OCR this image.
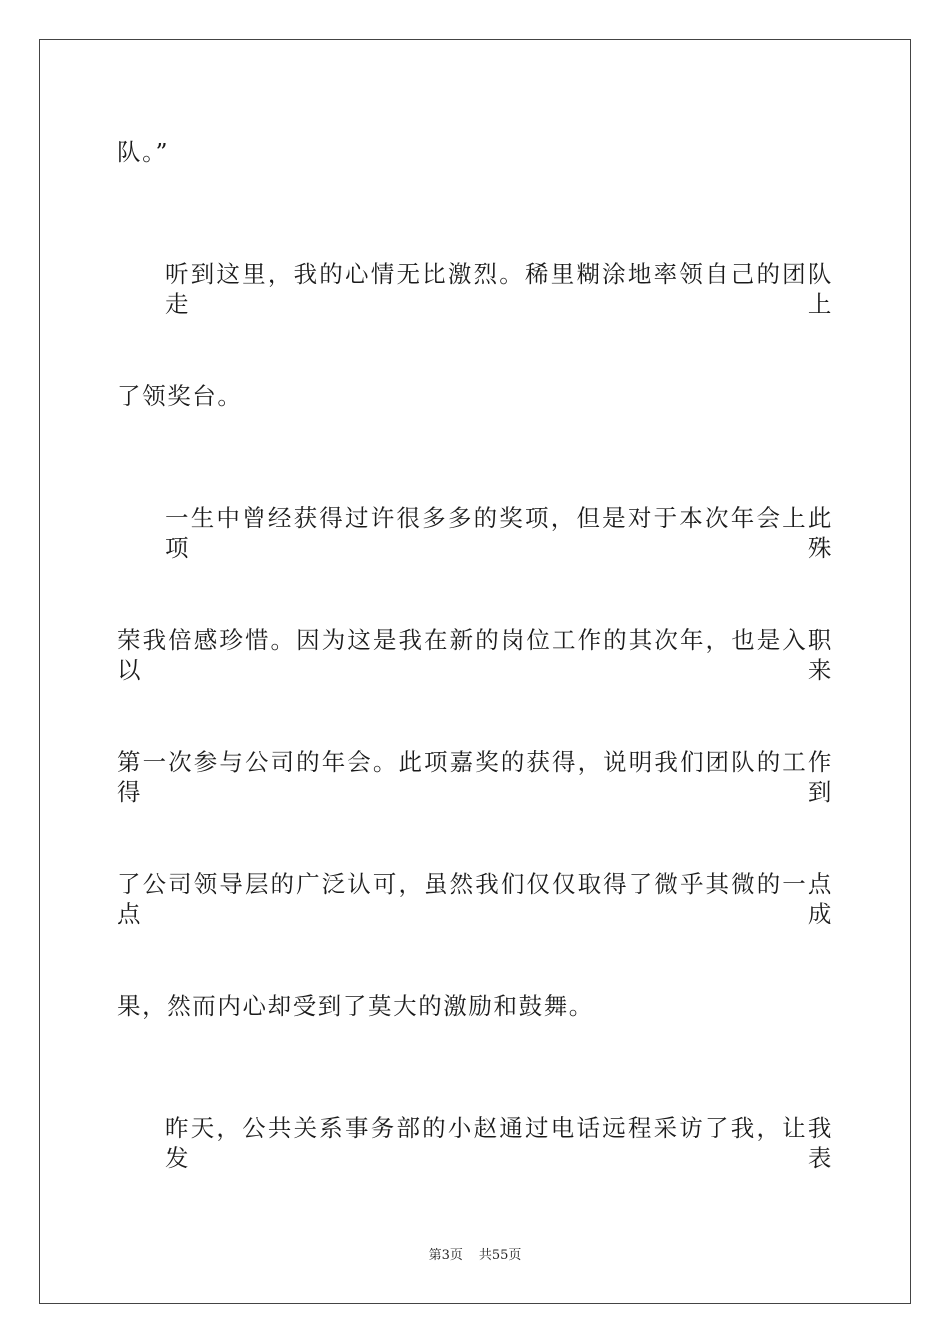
队。”
听到这里，我的心情无比激烈。稀里糊涂地率领自己的团队走上
了领奖台。
一生中曾经获得过许很多多的奖项，但是对于本次年会上此项殊
荣我倍感珍惜。因为这是我在新的岗位工作的其次年，也是入职以来
第一次参与公司的年会。此项嘉奖的获得，说明我们团队的工作得到
了公司领导层的广泛认可，虽然我们仅仅取得了微乎其微的一点点成
果，然而内心却受到了莫大的激励和鼓舞。
昨天，公共关系事务部的小赵通过电话远程采访了我，让我发表
第3页 共55页
